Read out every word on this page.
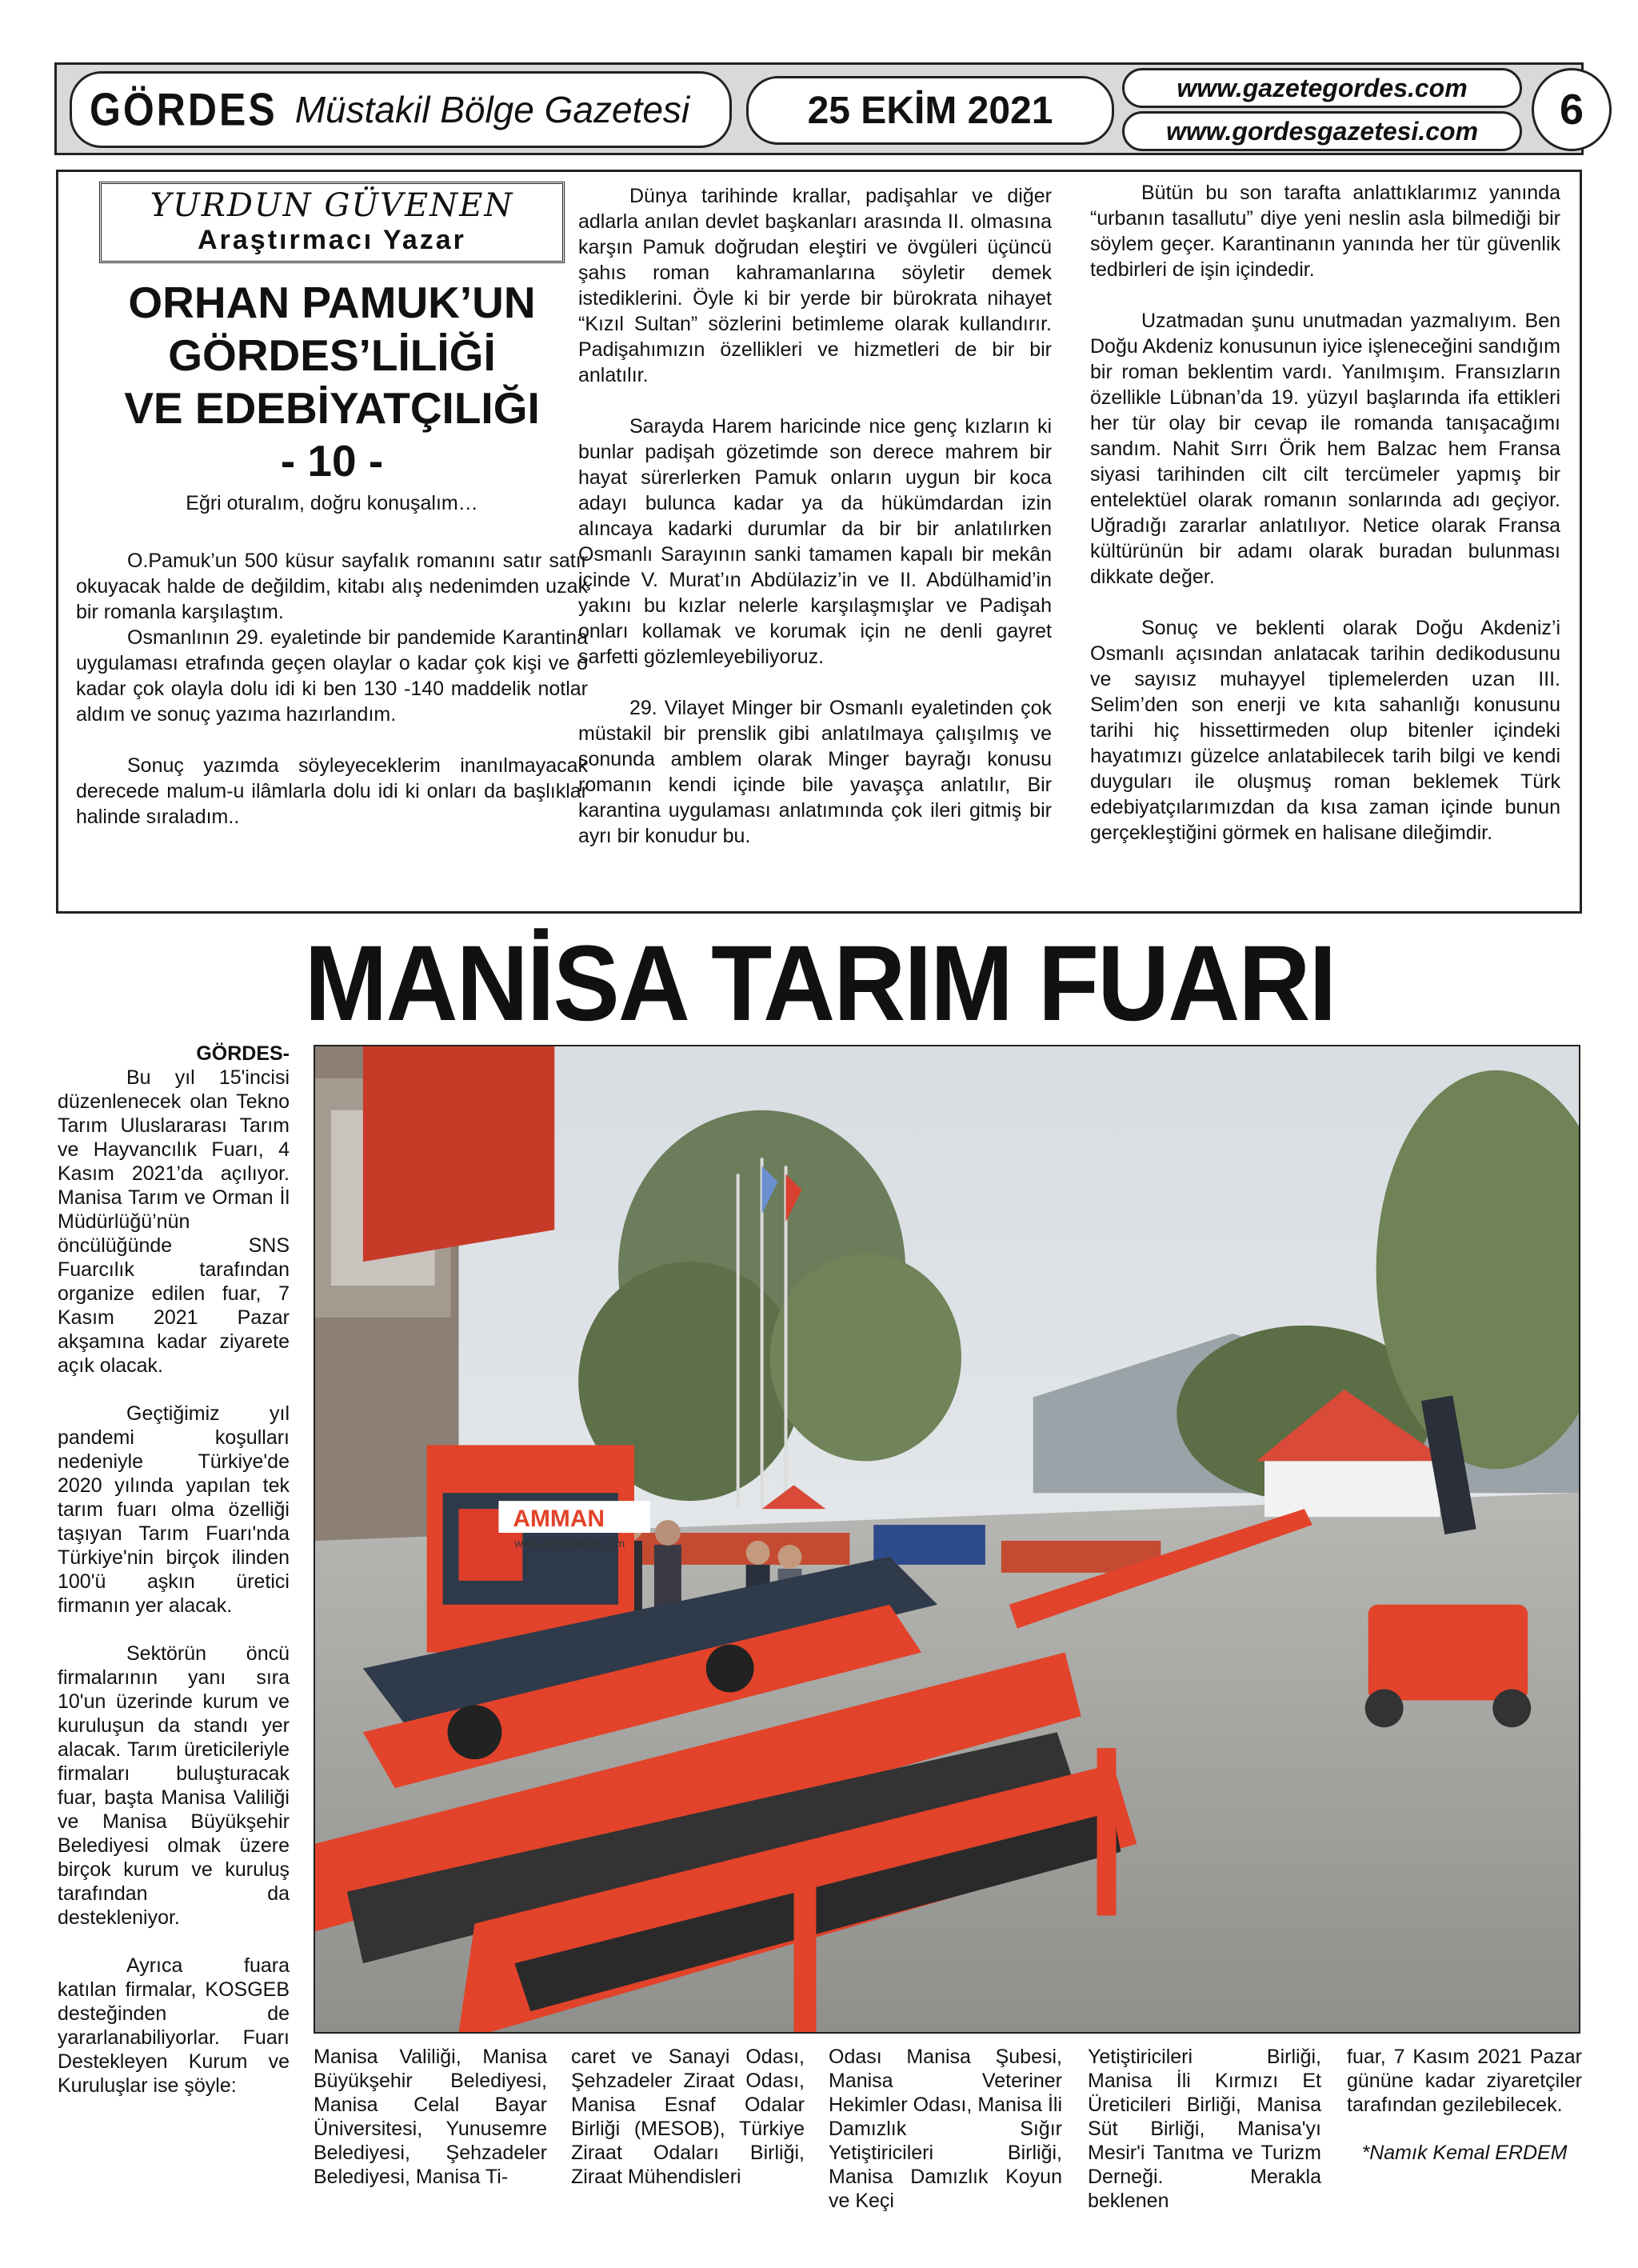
GÖRDES Müstakil Bölge Gazetesi	25 EKİM 2021
www.gazetegordes.com
www.gordesgazetesi.com	6
YURDUN GÜVENEN
Araştırmacı Yazar
ORHAN PAMUK’UN
GÖRDES’LİLİĞİ
VE EDEBİYATÇILIĞI
- 10 -
Eğri oturalım, doğru konuşalım…

O.Pamuk’un 500 küsur sayfalık romanını satır satır okuyacak halde de değildim, kitabı alış nedenimden uzak bir romanla karşılaştım.

Osmanlının 29. eyaletinde bir pandemide Karantina uygulaması etrafında geçen olaylar o kadar çok kişi ve o kadar çok olayla dolu idi ki ben 130 -140 maddelik notlar aldım ve sonuç yazıma hazırlandım.

Sonuç yazımda söyleyeceklerim inanılmayacak derecede malum-u ilâmlarla dolu idi ki onları da başlıklar halinde sıraladım..

Dünya tarihinde krallar, padişahlar ve diğer adlarla anılan devlet başkanları arasında II. olmasına karşın Pamuk doğrudan eleştiri ve övgüleri üçüncü şahıs roman kahramanlarına söyletir demek istediklerini. Öyle ki bir yerde bir bürokrata nihayet “Kızıl Sultan” sözlerini betimleme olarak kullandırır. Padişahımızın özellikleri ve hizmetleri de bir bir anlatılır.

Sarayda Harem haricinde nice genç kızların ki bunlar padişah gözetimde son derece mahrem bir hayat sürerlerken Pamuk onların uygun bir koca adayı bulunca kadar ya da hükümdardan izin alıncaya kadarki durumlar da bir bir anlatılırken Osmanlı Sarayının sanki tamamen kapalı bir mekân içinde V. Murat’ın Abdülaziz’in ve II. Abdülhamid’in yakını bu kızlar nelerle karşılaşmışlar ve Padişah onları kollamak ve korumak için ne denli gayret sarfetti gözlemleyebiliyoruz.

29. Vilayet Minger bir Osmanlı eyaletinden çok müstakil bir prenslik gibi anlatılmaya çalışılmış ve sonunda amblem olarak Minger bayrağı konusu romanın kendi içinde bile yavaşça anlatılır, Bir karantina uygulaması anlatımında çok ileri gitmiş bir ayrı bir konudur bu.

Bütün bu son tarafta anlattıklarımız yanında “urbanın tasallutu” diye yeni neslin asla bilmediği bir söylem geçer. Karantinanın yanında her tür güvenlik tedbirleri de işin içindedir.

Uzatmadan şunu unutmadan yazmalıyım. Ben Doğu Akdeniz konusunun iyice işleneceğini sandığım bir roman beklentim vardı. Yanılmışım. Fransızların özellikle Lübnan’da 19. yüzyıl başlarında ifa ettikleri her tür olay bir cevap ile romanda tanışacağımı sandım. Nahit Sırrı Örik hem Balzac hem Fransa siyasi tarihinden cilt cilt tercümeler yapmış bir entelektüel olarak romanın sonlarında adı geçiyor. Uğradığı zararlar anlatılıyor. Netice olarak Fransa kültürünün bir adamı olarak buradan bulunması dikkate değer.

Sonuç ve beklenti olarak Doğu Akdeniz’i Osmanlı açısından anlatacak tarihin dedikodusunu ve sayısız muhayyel tiplemelerden uzan III. Selim’den son enerji ve kıta sahanlığı konusunu tarihi hiç hissettirmeden olup bitenler içindeki hayatımızı güzelce anlatabilecek tarih bilgi ve kendi duyguları ile oluşmuş roman beklemek Türk edebiyatçılarımızdan da kısa zaman içinde bunun gerçekleştiğini görmek en halisane dileğimdir.

MANİSA TARIM FUARI

GÖRDES-

Bu yıl 15'incisi düzenlenecek olan Tekno Tarım Uluslararası Tarım ve Hayvancılık Fuarı, 4 Kasım 2021’da açılıyor. Manisa Tarım ve Orman İl Müdürlüğü’nün öncülüğünde SNS Fuarcılık tarafından organize edilen fuar, 7 Kasım 2021 Pazar akşamına kadar ziyarete açık olacak.

Geçtiğimiz yıl pandemi koşulları nedeniyle Türkiye'de 2020 yılında yapılan tek tarım fuarı olma özelliği taşıyan Tarım Fuarı'nda Türkiye'nin birçok ilinden 100'ü aşkın üretici firmanın yer alacak.

Sektörün öncü firmalarının yanı sıra 10'un üzerinde kurum ve kuruluşun da standı yer alacak. Tarım üreticileriyle firmaları buluşturacak fuar, başta Manisa Valiliği ve Manisa Büyükşehir Belediyesi olmak üzere birçok kurum ve kuruluş tarafından da destekleniyor.

Ayrıca fuara katılan firmalar, KOSGEB desteğinden de yararlanabiliyorlar. Fuarı Destekleyen Kurum ve Kuruluşlar ise şöyle:

AMMAN
www.ammanfarm.com
Manisa Valiliği, Manisa Büyükşehir Belediyesi, Manisa Celal Bayar Üniversitesi, Yunusemre Belediyesi, Şehzadeler Belediyesi, Manisa Ti-
caret ve Sanayi Odası, Şehzadeler Ziraat Odası, Manisa Esnaf Odalar Birliği (MESOB), Türkiye Ziraat Odaları Birliği, Ziraat Mühendisleri
Odası Manisa Şubesi, Manisa Veteriner Hekimler Odası, Manisa İli Damızlık Sığır Yetiştiricileri Birliği, Manisa Damızlık Koyun ve Keçi
Yetiştiricileri Birliği, Manisa İli Kırmızı Et Üreticileri Birliği, Manisa Süt Birliği, Manisa'yı Mesir'i Tanıtma ve Turizm Derneği. Merakla beklenen
fuar, 7 Kasım 2021 Pazar gününe kadar ziyaretçiler tarafından gezilebilecek.
*Namık Kemal ERDEM
